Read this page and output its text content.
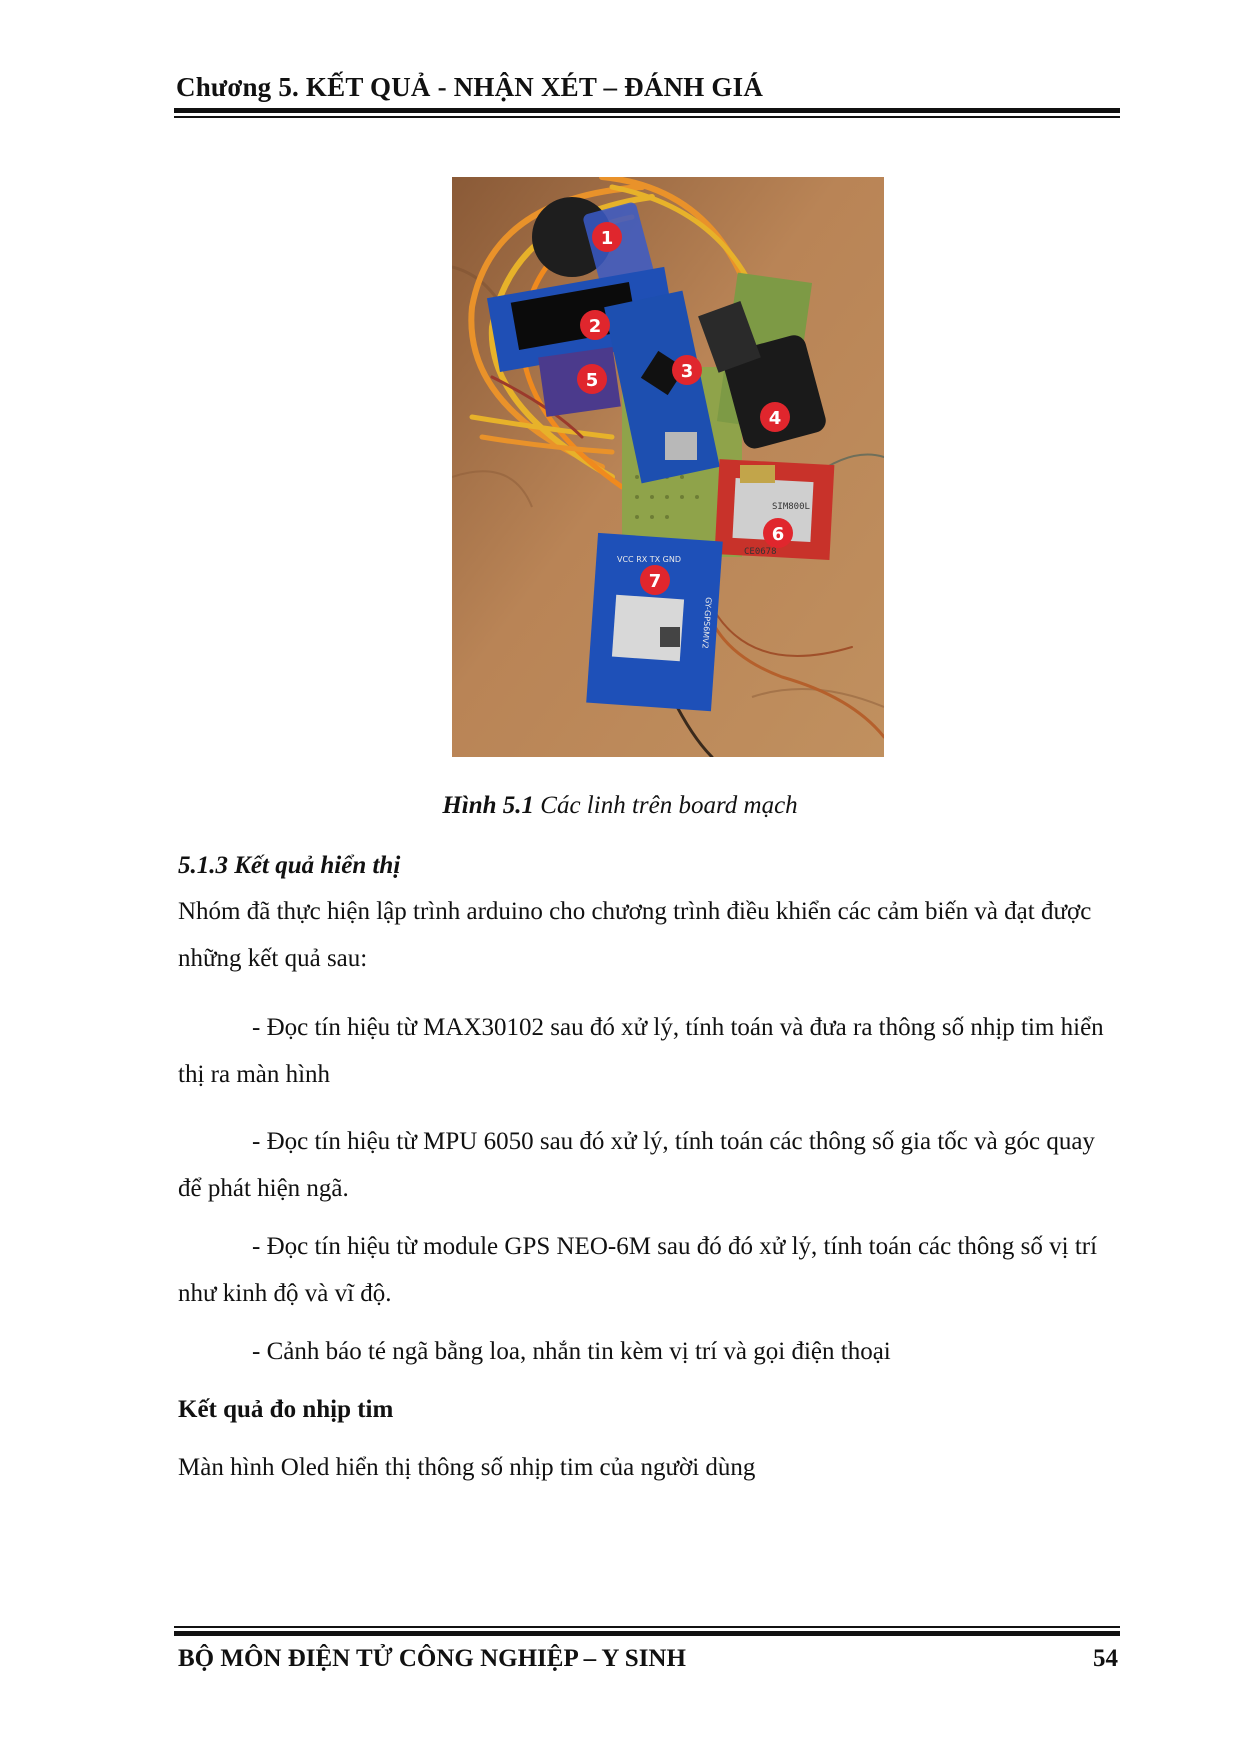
Chương 5. KẾT QUẢ - NHẬN XÉT – ĐÁNH GIÁ
SIM800L
CE0678
VCC RX TX GND
GY-GPS6MV2
1
2
3
4
5
6
7
Hình 5.1 Các linh trên board mạch
5.1.3 Kết quả hiển thị
Nhóm đã thực hiện lập trình arduino cho chương trình điều khiển các cảm biến và đạt được những kết quả sau:
- Đọc tín hiệu từ MAX30102 sau đó xử lý, tính toán và đưa ra thông số nhịp tim hiển thị ra màn hình
- Đọc tín hiệu từ MPU 6050 sau đó xử lý, tính toán các thông số gia tốc và góc quay để phát hiện ngã.
- Đọc tín hiệu từ module GPS NEO-6M sau đó đó xử lý, tính toán các thông số vị trí như kinh độ và vĩ độ.
- Cảnh báo té ngã bằng loa, nhắn tin kèm vị trí và gọi điện thoại
Kết quả đo nhịp tim
Màn hình Oled hiển thị thông số nhịp tim của người dùng
BỘ MÔN ĐIỆN TỬ CÔNG NGHIỆP – Y SINH	54
